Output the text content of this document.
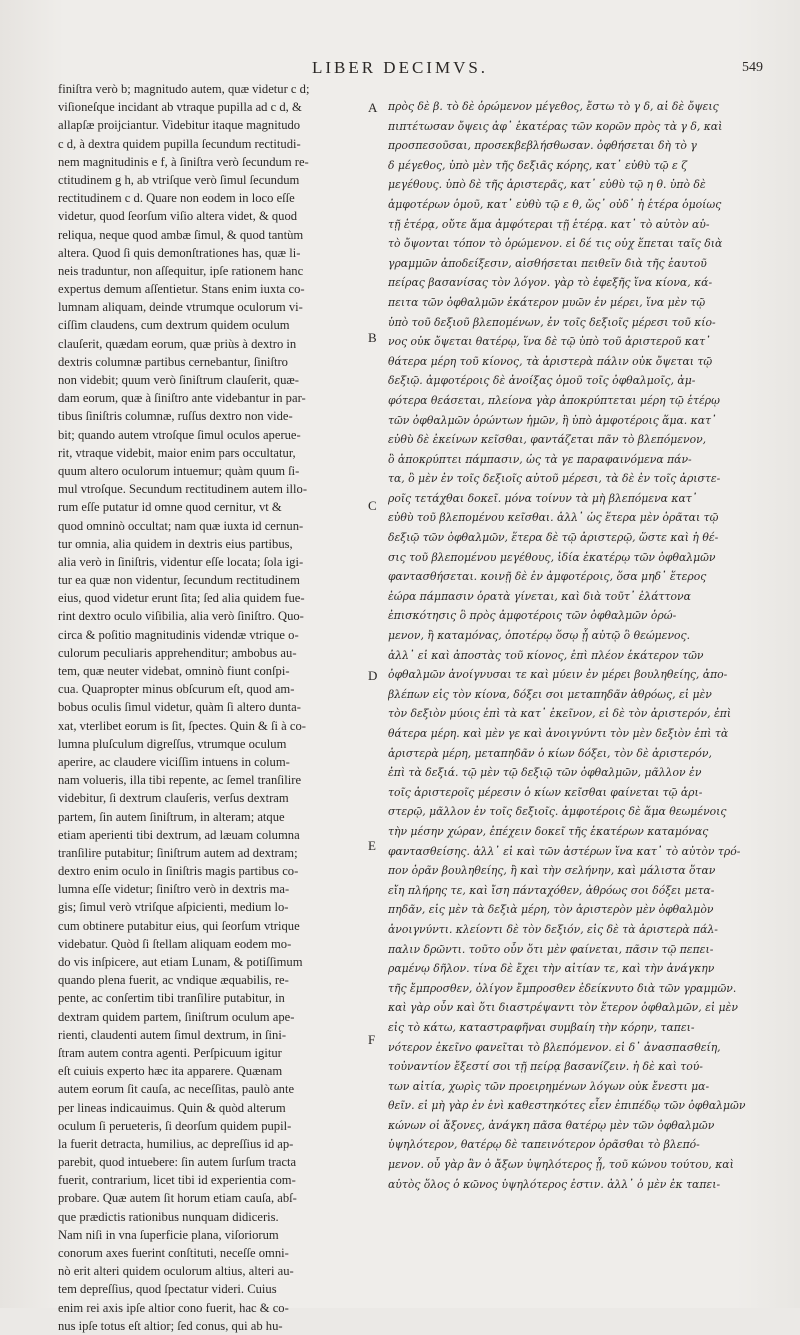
LIBER DECIMVS.	549
A
B
C
D
E
F
finiſtra verò b; magnitudo autem, quæ videtur c d;
viſioneſque incidant ab vtraque pupilla ad c d, &
allapſæ proijciantur. Videbitur itaque magnitudo
c d, à dextra quidem pupilla ſecundum rectitudi-
nem magnitudinis e f, à ſiniſtra verò ſecundum re-
ctitudinem g h, ab vtriſque verò ſimul ſecundum
rectitudinem c d. Quare non eodem in loco eſſe
videtur, quod ſeorſum viſio altera videt, & quod
reliqua, neque quod ambæ ſimul, & quod tantùm
altera. Quod ſi quis demonſtrationes has, quæ li-
neis traduntur, non aſſequitur, ipſe rationem hanc
expertus demum aſſentietur. Stans enim iuxta co-
lumnam aliquam, deinde vtrumque oculorum vi-
ciſſim claudens, cum dextrum quidem oculum
clauſerit, quædam eorum, quæ priùs à dextro in
dextris columnæ partibus cernebantur, ſiniſtro
non videbit; quum verò ſiniſtrum clauſerit, quæ-
dam eorum, quæ à ſiniſtro ante videbantur in par-
tibus ſiniſtris columnæ, ruſſus dextro non vide-
bit; quando autem vtroſque ſimul oculos aperue-
rit, vtraque videbit, maior enim pars occultatur,
quum altero oculorum intuemur; quàm quum ſi-
mul vtroſque. Secundum rectitudinem autem illo-
rum eſſe putatur id omne quod cernitur, vt &
quod omninò occultat; nam quæ iuxta id cernun-
tur omnia, alia quidem in dextris eius partibus,
alia verò in ſiniſtris, videntur eſſe locata; ſola igi-
tur ea quæ non videntur, ſecundum rectitudinem
eius, quod videtur erunt ſita; ſed alia quidem fue-
rint dextro oculo viſibilia, alia verò ſiniſtro. Quo-
circa & poſitio magnitudinis videndæ vtrique o-
culorum peculiaris apprehenditur; ambobus au-
tem, quæ neuter videbat, omninò fiunt conſpi-
cua. Quapropter minus obſcurum eſt, quod am-
bobus oculis ſimul videtur, quàm ſi altero dunta-
xat, vterlibet eorum is ſit, ſpectes. Quin & ſi à co-
lumna pluſculum digreſſus, vtrumque oculum
aperire, ac claudere viciſſim intuens in colum-
nam volueris, illa tibi repente, ac ſemel tranſilire
videbitur, ſi dextrum clauſeris, verſus dextram
partem, ſin autem ſiniſtrum, in alteram; atque
etiam aperienti tibi dextrum, ad læuam columna
tranſilire putabitur; ſiniſtrum autem ad dextram;
dextro enim oculo in ſiniſtris magis partibus co-
lumna eſſe videtur; ſiniſtro verò in dextris ma-
gis; ſimul verò vtriſque aſpicienti, medium lo-
cum obtinere putabitur eius, qui ſeorſum vtrique
videbatur. Quòd ſi ſtellam aliquam eodem mo-
do vis inſpicere, aut etiam Lunam, & potiſſimum
quando plena fuerit, ac vndique æquabilis, re-
pente, ac conſertim tibi tranſilire putabitur, in
dextram quidem partem, ſiniſtrum oculum ape-
rienti, claudenti autem ſimul dextrum, in ſini-
ſtram autem contra agenti. Perſpicuum igitur
eſt cuiuis experto hæc ita apparere. Quænam
autem eorum ſit cauſa, ac neceſſitas, paulò ante
per lineas indicauimus. Quin & quòd alterum
oculum ſi perueteris, ſi deorſum quidem pupil-
la fuerit detracta, humilius, ac depreſſius id ap-
parebit, quod intuebere: ſin autem ſurſum tracta
fuerit, contrarium, licet tibi id experientia com-
probare. Quæ autem ſit horum etiam cauſa, abſ-
que prædictis rationibus nunquam didiceris.
Nam niſi in vna ſuperficie plana, viſoriorum
conorum axes fuerint conſtituti, neceſſe omni-
nò erit alteri quidem oculorum altius, alteri au-
tem depreſſius, quod ſpectatur videri. Cuius
enim rei axis ipſe altior cono fuerit, hac & co-
nus ipſe totus eſt altior; ſed conus, qui ab hu-
πρὸς δὲ β. τὸ δὲ ὁρώμενον μέγεθος, ἔστω τὸ γ δ, αἱ δὲ ὄψεις
πιπτέτωσαν ὄψεις ἀφ᾽ ἑκατέρας τῶν κορῶν πρὸς τὰ γ δ, καὶ
προσπεσοῦσαι, προσεκβεβλήσθωσαν. ὀφθήσεται δὴ τὸ γ
δ μέγεθος, ὑπὸ μὲν τῆς δεξιᾶς κόρης, κατ᾽ εὐθὺ τῷ ε ζ
μεγέθους. ὑπὸ δὲ τῆς ἀριστερᾶς, κατ᾽ εὐθὺ τῷ η θ. ὑπὸ δὲ
ἀμφοτέρων ὁμοῦ, κατ᾽ εὐθὺ τῷ ε θ, ὥς᾽ οὐδ᾽ ἡ ἑτέρα ὁμοίως
τῇ ἑτέρᾳ, οὔτε ἅμα ἀμφότεραι τῇ ἑτέρᾳ. κατ᾽ τὸ αὐτὸν αὐ-
τὸ ὄψονται τόπον τὸ ὁρώμενον. εἰ δέ τις οὐχ ἕπεται ταῖς διὰ
γραμμῶν ἀποδείξεσιν, αἰσθήσεται πειθεῖν διὰ τῆς ἑαυτοῦ
πείρας βασανίσας τὸν λόγον. γὰρ τὸ ἐφεξῆς ἵνα κίονα, κά-
πειτα τῶν ὀφθαλμῶν ἑκάτερον μυῶν ἐν μέρει, ἵνα μὲν τῷ
ὑπὸ τοῦ δεξιοῦ βλεπομένων, ἐν τοῖς δεξιοῖς μέρεσι τοῦ κίο-
νος οὐκ ὄψεται θατέρῳ, ἵνα δὲ τῷ ὑπὸ τοῦ ἀριστεροῦ κατ᾽
θάτερα μέρη τοῦ κίονος, τὰ ἀριστερὰ πάλιν οὐκ ὄψεται τῷ
δεξιῷ. ἀμφοτέροις δὲ ἀνοίξας ὁμοῦ τοῖς ὀφθαλμοῖς, ἀμ-
φότερα θεάσεται, πλείονα γὰρ ἀποκρύπτεται μέρη τῷ ἑτέρῳ
τῶν ὀφθαλμῶν ὁρώντων ἡμῶν, ἢ ὑπὸ ἀμφοτέροις ἅμα. κατ᾽
εὐθὺ δὲ ἐκείνων κεῖσθαι, φαντάζεται πᾶν τὸ βλεπόμενον,
ὃ ἀποκρύπτει πάμπασιν, ὡς τὰ γε παραφαινόμενα πάν-
τα, ὃ μὲν ἐν τοῖς δεξιοῖς αὐτοῦ μέρεσι, τὰ δὲ ἐν τοῖς ἀριστε-
ροῖς τετάχθαι δοκεῖ. μόνα τοίνυν τὰ μὴ βλεπόμενα κατ᾽
εὐθὺ τοῦ βλεπομένου κεῖσθαι. ἀλλ᾽ ὡς ἕτερα μὲν ὁρᾶται τῷ
δεξιῷ τῶν ὀφθαλμῶν, ἕτερα δὲ τῷ ἀριστερῷ, ὥστε καὶ ἡ θέ-
σις τοῦ βλεπομένου μεγέθους, ἰδία ἑκατέρῳ τῶν ὀφθαλμῶν
φαντασθήσεται. κοινῇ δὲ ἐν ἀμφοτέροις, ὅσα μηδ᾽ ἕτερος
ἑώρα πάμπασιν ὁρατὰ γίνεται, καὶ διὰ τοῦτ᾽ ἐλάττονα
ἐπισκότησις ὃ πρὸς ἀμφοτέροις τῶν ὀφθαλμῶν ὁρώ-
μενον, ἢ καταμόνας, ὁποτέρῳ ὅσῳ ᾖ αὐτῷ ὃ θεώμενος.
ἀλλ᾽ εἰ καὶ ἀποστὰς τοῦ κίονος, ἐπὶ πλέον ἑκάτερον τῶν
ὀφθαλμῶν ἀνοίγνυσαι τε καὶ μύειν ἐν μέρει βουληθείης, ἀπο-
βλέπων εἰς τὸν κίονα, δόξει σοι μεταπηδᾶν ἀθρόως, εἰ μὲν
τὸν δεξιὸν μύοις ἐπὶ τὰ κατ᾽ ἐκεῖνον, εἰ δὲ τὸν ἀριστερόν, ἐπὶ
θάτερα μέρη. καὶ μὲν γε καὶ ἀνοιγνύντι τὸν μὲν δεξιὸν ἐπὶ τὰ
ἀριστερὰ μέρη, μεταπηδᾶν ὁ κίων δόξει, τὸν δὲ ἀριστερόν,
ἐπὶ τὰ δεξιά. τῷ μὲν τῷ δεξιῷ τῶν ὀφθαλμῶν, μᾶλλον ἐν
τοῖς ἀριστεροῖς μέρεσιν ὁ κίων κεῖσθαι φαίνεται τῷ ἀρι-
στερῷ, μᾶλλον ἐν τοῖς δεξιοῖς. ἀμφοτέροις δὲ ἅμα θεωμένοις
τὴν μέσην χώραν, ἐπέχειν δοκεῖ τῆς ἑκατέρων καταμόνας
φαντασθείσης. ἀλλ᾽ εἰ καὶ τῶν ἀστέρων ἵνα κατ᾽ τὸ αὐτὸν τρό-
πον ὁρᾶν βουληθείης, ἢ καὶ τὴν σελήνην, καὶ μάλιστα ὅταν
εἴη πλήρης τε, καὶ ἴση πάνταχόθεν, ἀθρόως σοι δόξει μετα-
πηδᾶν, εἰς μὲν τὰ δεξιὰ μέρη, τὸν ἀριστερὸν μὲν ὀφθαλμὸν
ἀνοιγνύντι. κλείοντι δὲ τὸν δεξιόν, εἰς δὲ τὰ ἀριστερὰ πάλ-
παλιν δρῶντι. τοῦτο οὖν ὅτι μὲν φαίνεται, πᾶσιν τῷ πεπει-
ραμένῳ δῆλον. τίνα δὲ ἔχει τὴν αἰτίαν τε, καὶ τὴν ἀνάγκην
τῆς ἔμπροσθεν, ὀλίγον ἔμπροσθεν ἐδείκνυτο διὰ τῶν γραμμῶν.
καὶ γὰρ οὖν καὶ ὅτι διαστρέψαντι τὸν ἕτερον ὀφθαλμῶν, εἰ μὲν
εἰς τὸ κάτω, καταστραφῆναι συμβαίη τὴν κόρην, ταπει-
νότερον ἐκεῖνο φανεῖται τὸ βλεπόμενον. εἰ δ᾽ ἀνασπασθείη,
τοὐναντίον ἔξεστί σοι τῇ πείρᾳ βασανίζειν. ἡ δὲ καὶ τού-
των αἰτία, χωρὶς τῶν προειρημένων λόγων οὐκ ἔνεστι μα-
θεῖν. εἰ μὴ γὰρ ἐν ἑνὶ καθεστηκότες εἶεν ἐπιπέδῳ τῶν ὀφθαλμῶν
κώνων οἱ ἄξονες, ἀνάγκη πᾶσα θατέρῳ μὲν τῶν ὀφθαλμῶν
ὑψηλότερον, θατέρῳ δὲ ταπεινότερον ὁρᾶσθαι τὸ βλεπό-
μενον. οὗ γὰρ ἂν ὁ ἄξων ὑψηλότερος ᾖ, τοῦ κώνου τούτου, καὶ
αὐτὸς ὅλος ὁ κῶνος ὑψηλότερος ἐστιν. ἀλλ᾽ ὁ μὲν ἐκ ταπει-
